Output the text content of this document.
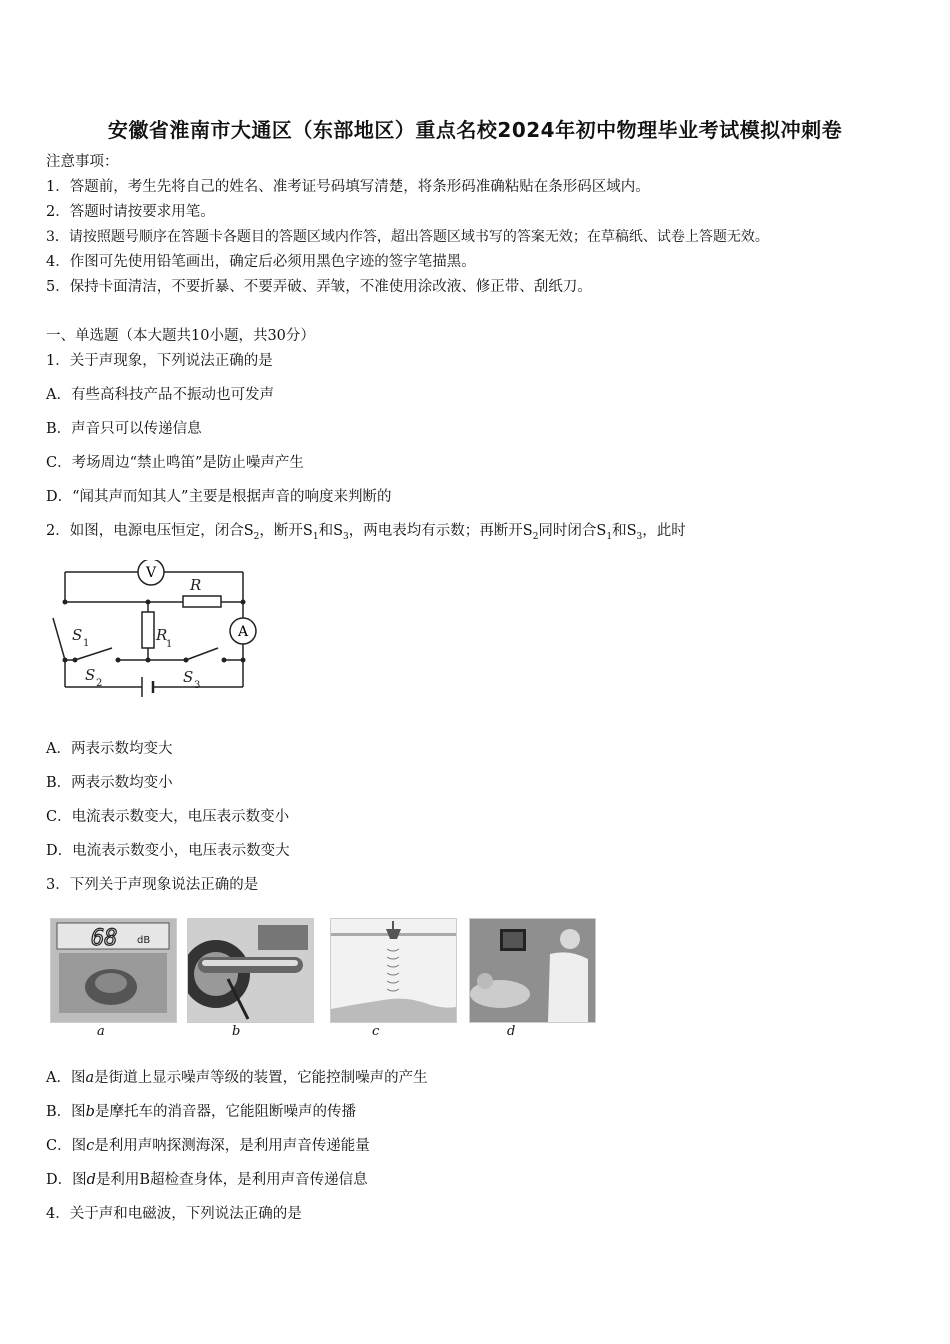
安徽省淮南市大通区（东部地区）重点名校2024年初中物理毕业考试模拟冲刺卷
注意事项：
1．答题前，考生先将自己的姓名、准考证号码填写清楚，将条形码准确粘贴在条形码区域内。
2．答题时请按要求用笔。
3．请按照题号顺序在答题卡各题目的答题区域内作答，超出答题区域书写的答案无效；在草稿纸、试卷上答题无效。
4．作图可先使用铅笔画出，确定后必须用黑色字迹的签字笔描黑。
5．保持卡面清洁，不要折暴、不要弄破、弄皱，不准使用涂改液、修正带、刮纸刀。
一、单选题（本大题共10小题，共30分）
1．关于声现象，下列说法正确的是
A．有些高科技产品不振动也可发声
B．声音只可以传递信息
C．考场周边“禁止鸣笛”是防止噪声产生
D．“闻其声而知其人”主要是根据声音的响度来判断的
2．如图，电源电压恒定，闭合$S_2$，断开$S_1$和$S_3$，两电表均有示数；再断开$S_2$同时闭合$S_1$和$S_3$，此时
V
A
R
R
1
S 1
S 2	S 3
A．两表示数均变大
B．两表示数均变小
C．电流表示数变大，电压表示数变小
D．电流表示数变小，电压表示数变大
3．下列关于声现象说法正确的是
68 dB
a	b	c	d
A．图a是街道上显示噪声等级的装置，它能控制噪声的产生
B．图b是摩托车的消音器，它能阻断噪声的传播
C．图c是利用声呐探测海深，是利用声音传递能量
D．图d是利用B超检查身体，是利用声音传递信息
4．关于声和电磁波，下列说法正确的是
